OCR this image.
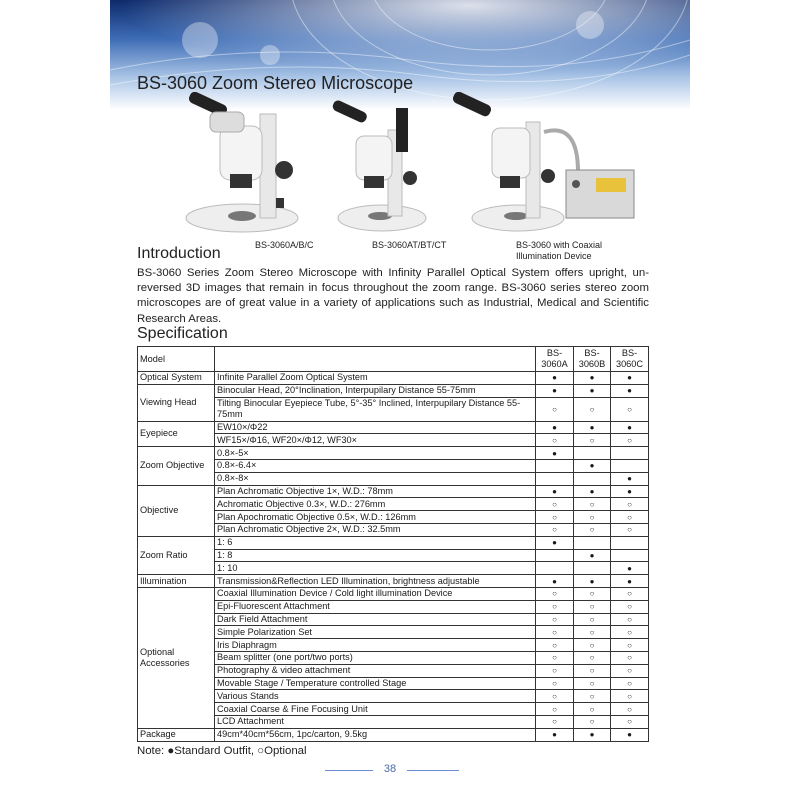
BS-3060 Zoom Stereo Microscope
BS-3060A/B/C	BS-3060AT/BT/CT	BS-3060 with Coaxial Illumination Device
Introduction
BS-3060 Series Zoom Stereo Microscope with Infinity Parallel Optical System offers upright, un-reversed 3D images that remain in focus throughout the zoom range. BS-3060 series stereo zoom microscopes are of great value in a variety of applications such as Industrial, Medical and Scientific Research Areas.
Specification
Model		BS-3060A	BS-3060B	BS-3060C
Optical System	Infinite Parallel Zoom Optical System	●	●	●
Viewing Head	Binocular Head, 20°Inclination, Interpupilary Distance 55-75mm	●	●	●
	Tilting Binocular Eyepiece Tube, 5°-35° Inclined, Interpupilary Distance 55-75mm	○	○	○
Eyepiece	EW10×/Φ22	●	●	●
	WF15×/Φ16, WF20×/Φ12, WF30×	○	○	○
Zoom Objective	0.8×-5×	●		
	0.8×-6.4×		●	
	0.8×-8×			●
Objective	Plan Achromatic Objective 1×, W.D.: 78mm	●	●	●
	Achromatic Objective 0.3×, W.D.: 276mm	○	○	○
	Plan Apochromatic Objective 0.5×, W.D.: 126mm	○	○	○
	Plan Achromatic Objective 2×, W.D.: 32.5mm	○	○	○
Zoom Ratio	1: 6	●		
	1: 8		●	
	1: 10			●
Illumination	Transmission&Reflection LED Illumination, brightness adjustable	●	●	●
Optional Accessories	Coaxial Illumination Device / Cold light illumination Device	○	○	○
	Epi-Fluorescent Attachment	○	○	○
	Dark Field Attachment	○	○	○
	Simple Polarization Set	○	○	○
	Iris Diaphragm	○	○	○
	Beam splitter (one port/two ports)	○	○	○
	Photography & video attachment	○	○	○
	Movable Stage / Temperature controlled Stage	○	○	○
	Various Stands	○	○	○
	Coaxial Coarse & Fine Focusing Unit	○	○	○
	LCD Attachment	○	○	○
Package	49cm*40cm*56cm, 1pc/carton, 9.5kg	●	●	●
Note: ●Standard Outfit, ○Optional
38
